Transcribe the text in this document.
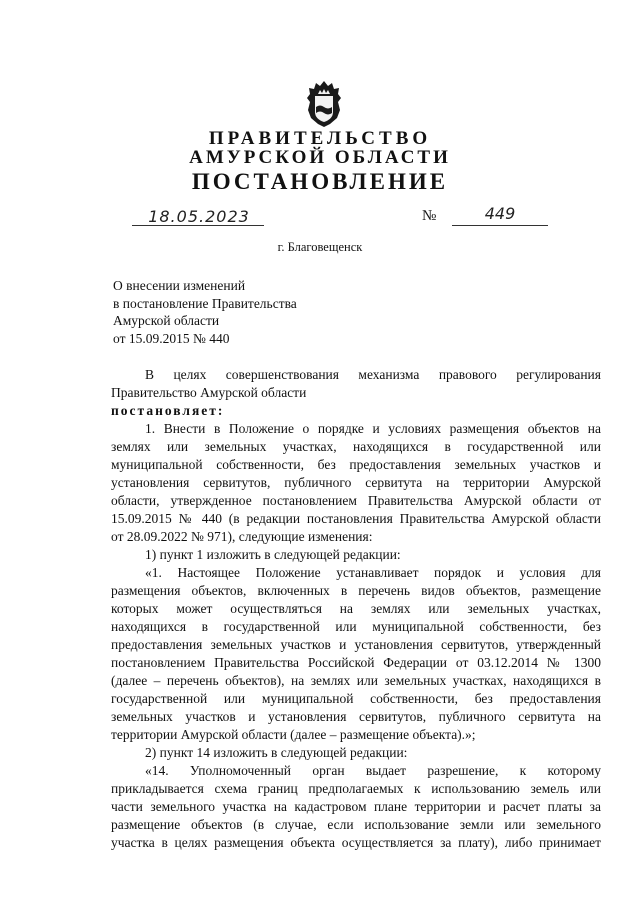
ПРАВИТЕЛЬСТВО
АМУРСКОЙ ОБЛАСТИ
ПОСТАНОВЛЕНИЕ
18.05.2023	№	449
г. Благовещенск
О внесении изменений
в постановление Правительства
Амурской области
от 15.09.2015 № 440
В целях совершенствования механизма правового регулирования
Правительство Амурской области
постановляет:
1. Внести в Положение о порядке и условиях размещения объектов на
землях или земельных участках, находящихся в государственной или
муниципальной собственности, без предоставления земельных участков и
установления сервитутов, публичного сервитута на территории Амурской
области, утвержденное постановлением Правительства Амурской области от
15.09.2015 № 440 (в редакции постановления Правительства Амурской области
от 28.09.2022 № 971), следующие изменения:
1) пункт 1 изложить в следующей редакции:
«1. Настоящее Положение устанавливает порядок и условия для
размещения объектов, включенных в перечень видов объектов, размещение
которых может осуществляться на землях или земельных участках,
находящихся в государственной или муниципальной собственности, без
предоставления земельных участков и установления сервитутов, утвержденный
постановлением Правительства Российской Федерации от 03.12.2014 № 1300
(далее – перечень объектов), на землях или земельных участках, находящихся в
государственной или муниципальной собственности, без предоставления
земельных участков и установления сервитутов, публичного сервитута на
территории Амурской области (далее – размещение объекта).»;
2) пункт 14 изложить в следующей редакции:
«14. Уполномоченный орган выдает разрешение, к которому
прикладывается схема границ предполагаемых к использованию земель или
части земельного участка на кадастровом плане территории и расчет платы за
размещение объектов (в случае, если использование земли или земельного
участка в целях размещения объекта осуществляется за плату), либо принимает
